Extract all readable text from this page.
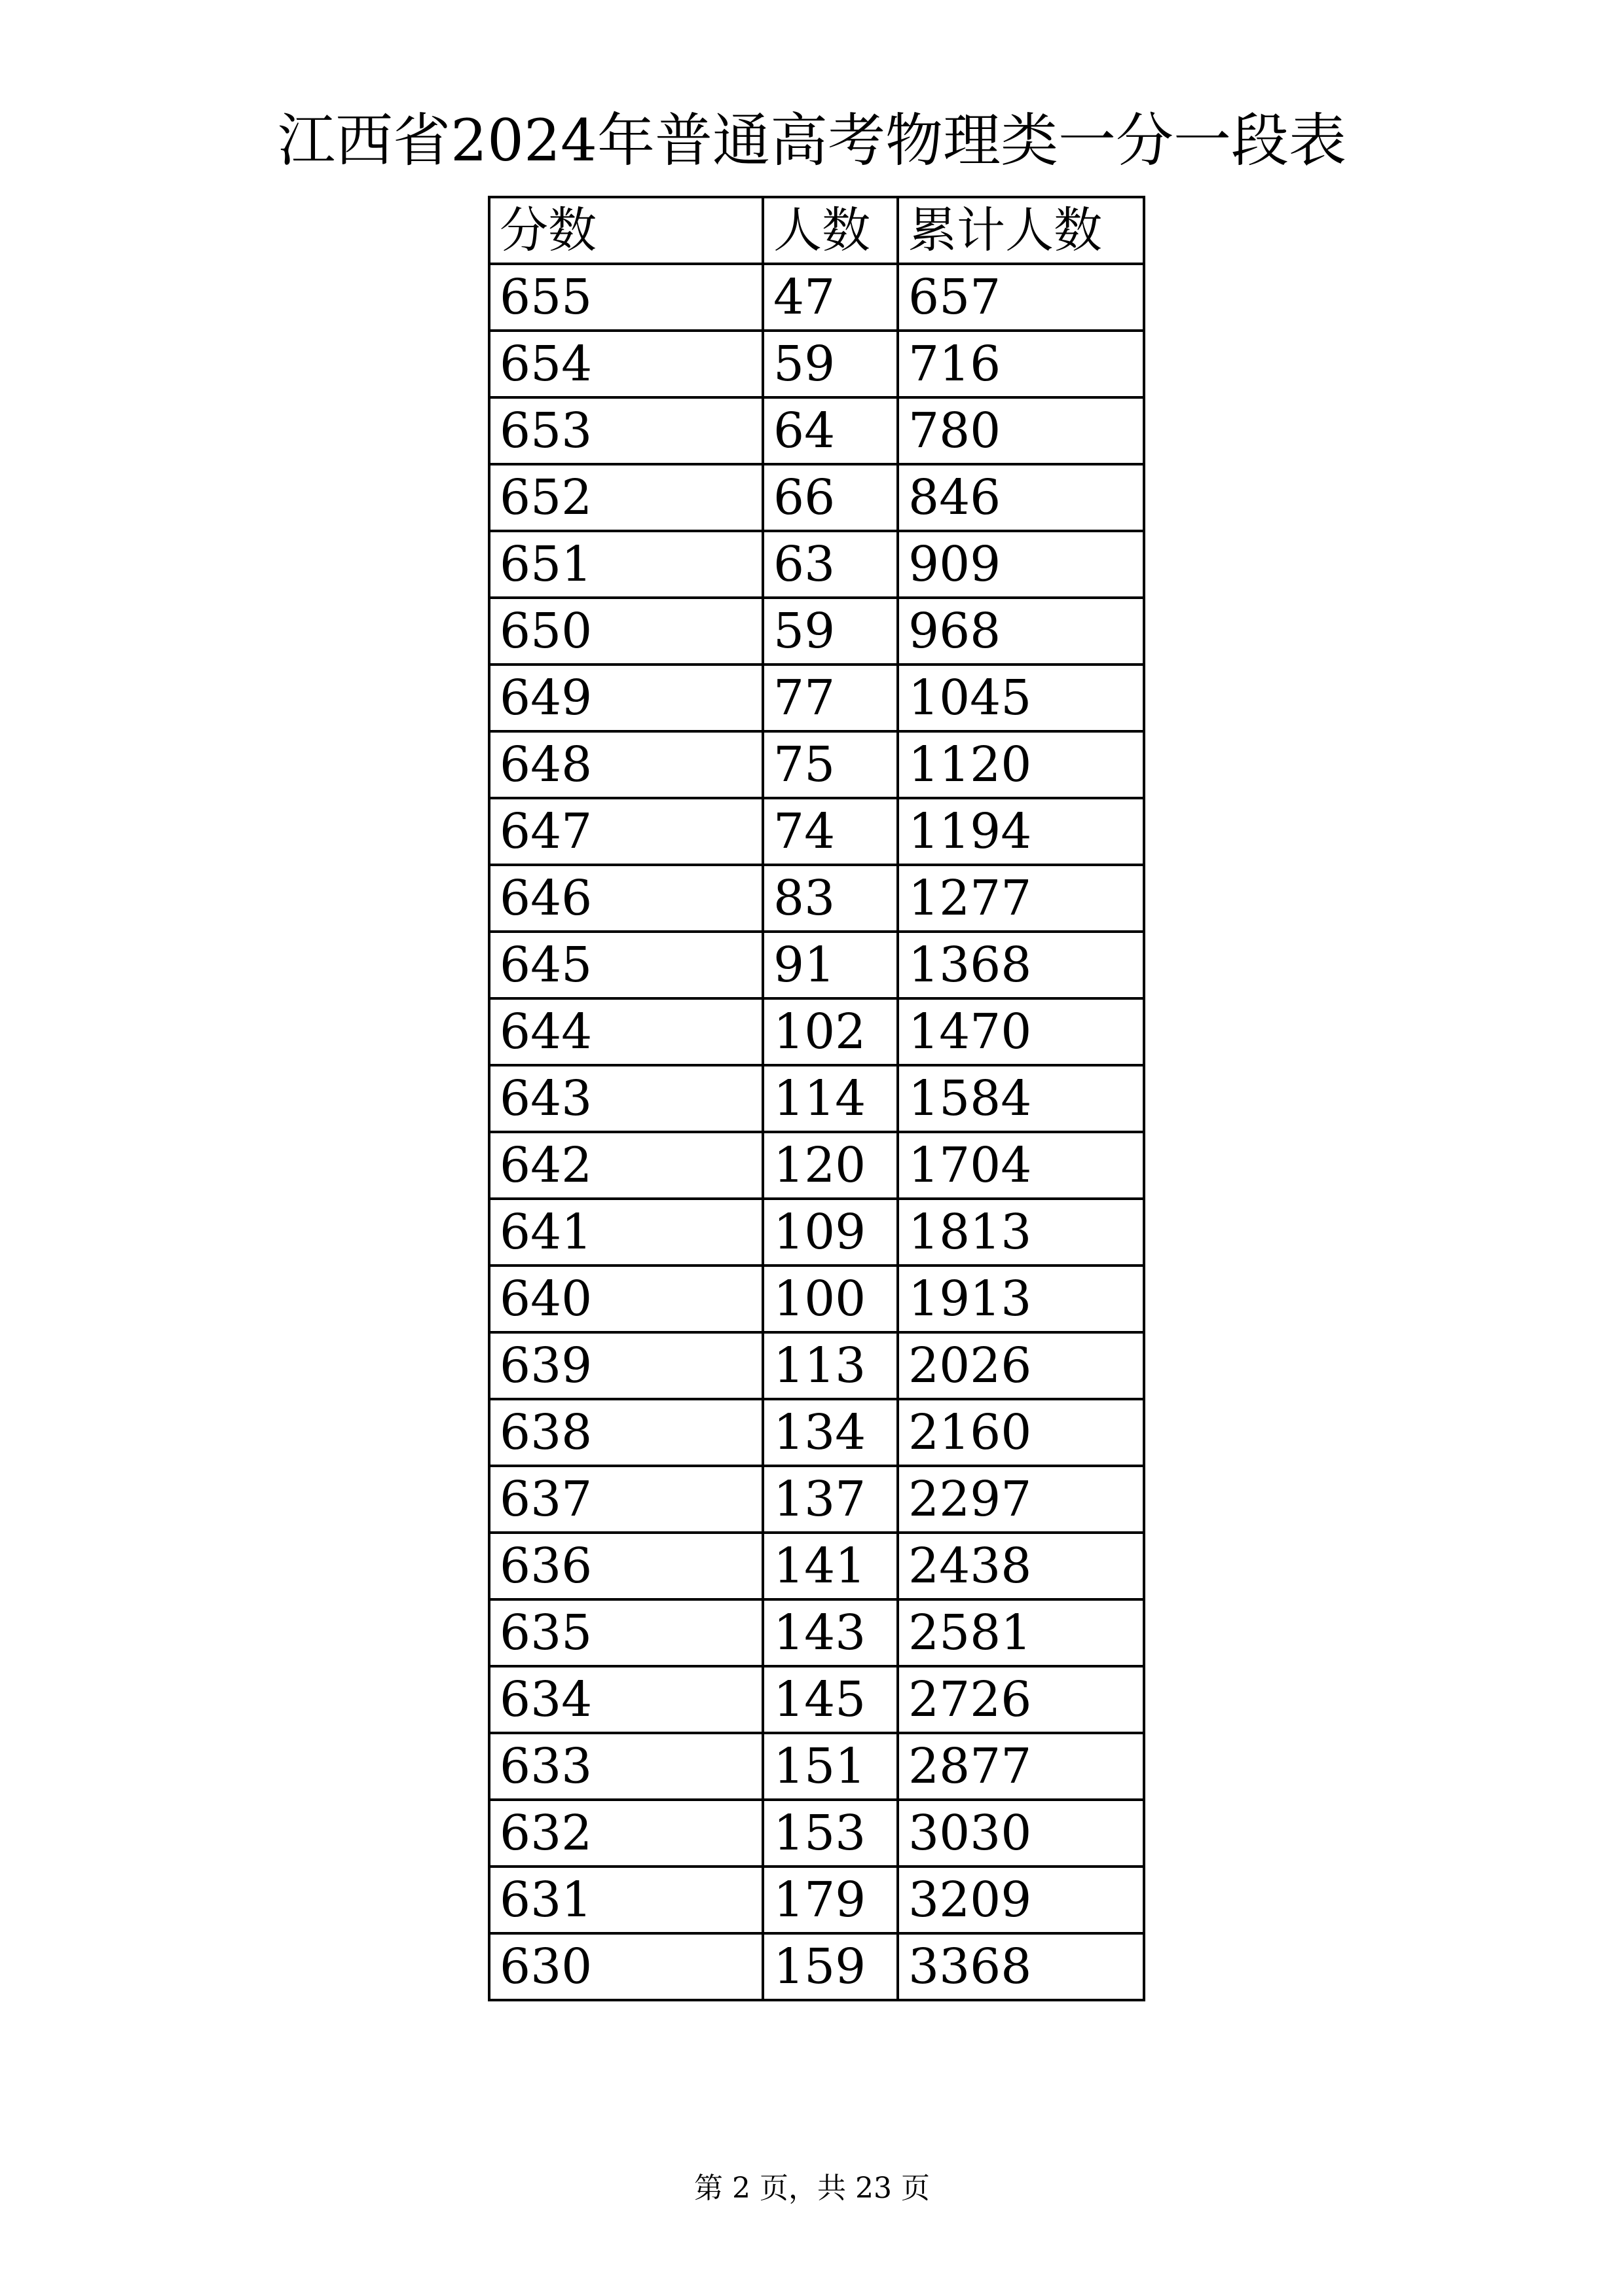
江西省2024年普通高考物理类一分一段表
分数	人数	累计人数
655	47	657
654	59	716
653	64	780
652	66	846
651	63	909
650	59	968
649	77	1045
648	75	1120
647	74	1194
646	83	1277
645	91	1368
644	102	1470
643	114	1584
642	120	1704
641	109	1813
640	100	1913
639	113	2026
638	134	2160
637	137	2297
636	141	2438
635	143	2581
634	145	2726
633	151	2877
632	153	3030
631	179	3209
630	159	3368
第 2 页，共 23 页
